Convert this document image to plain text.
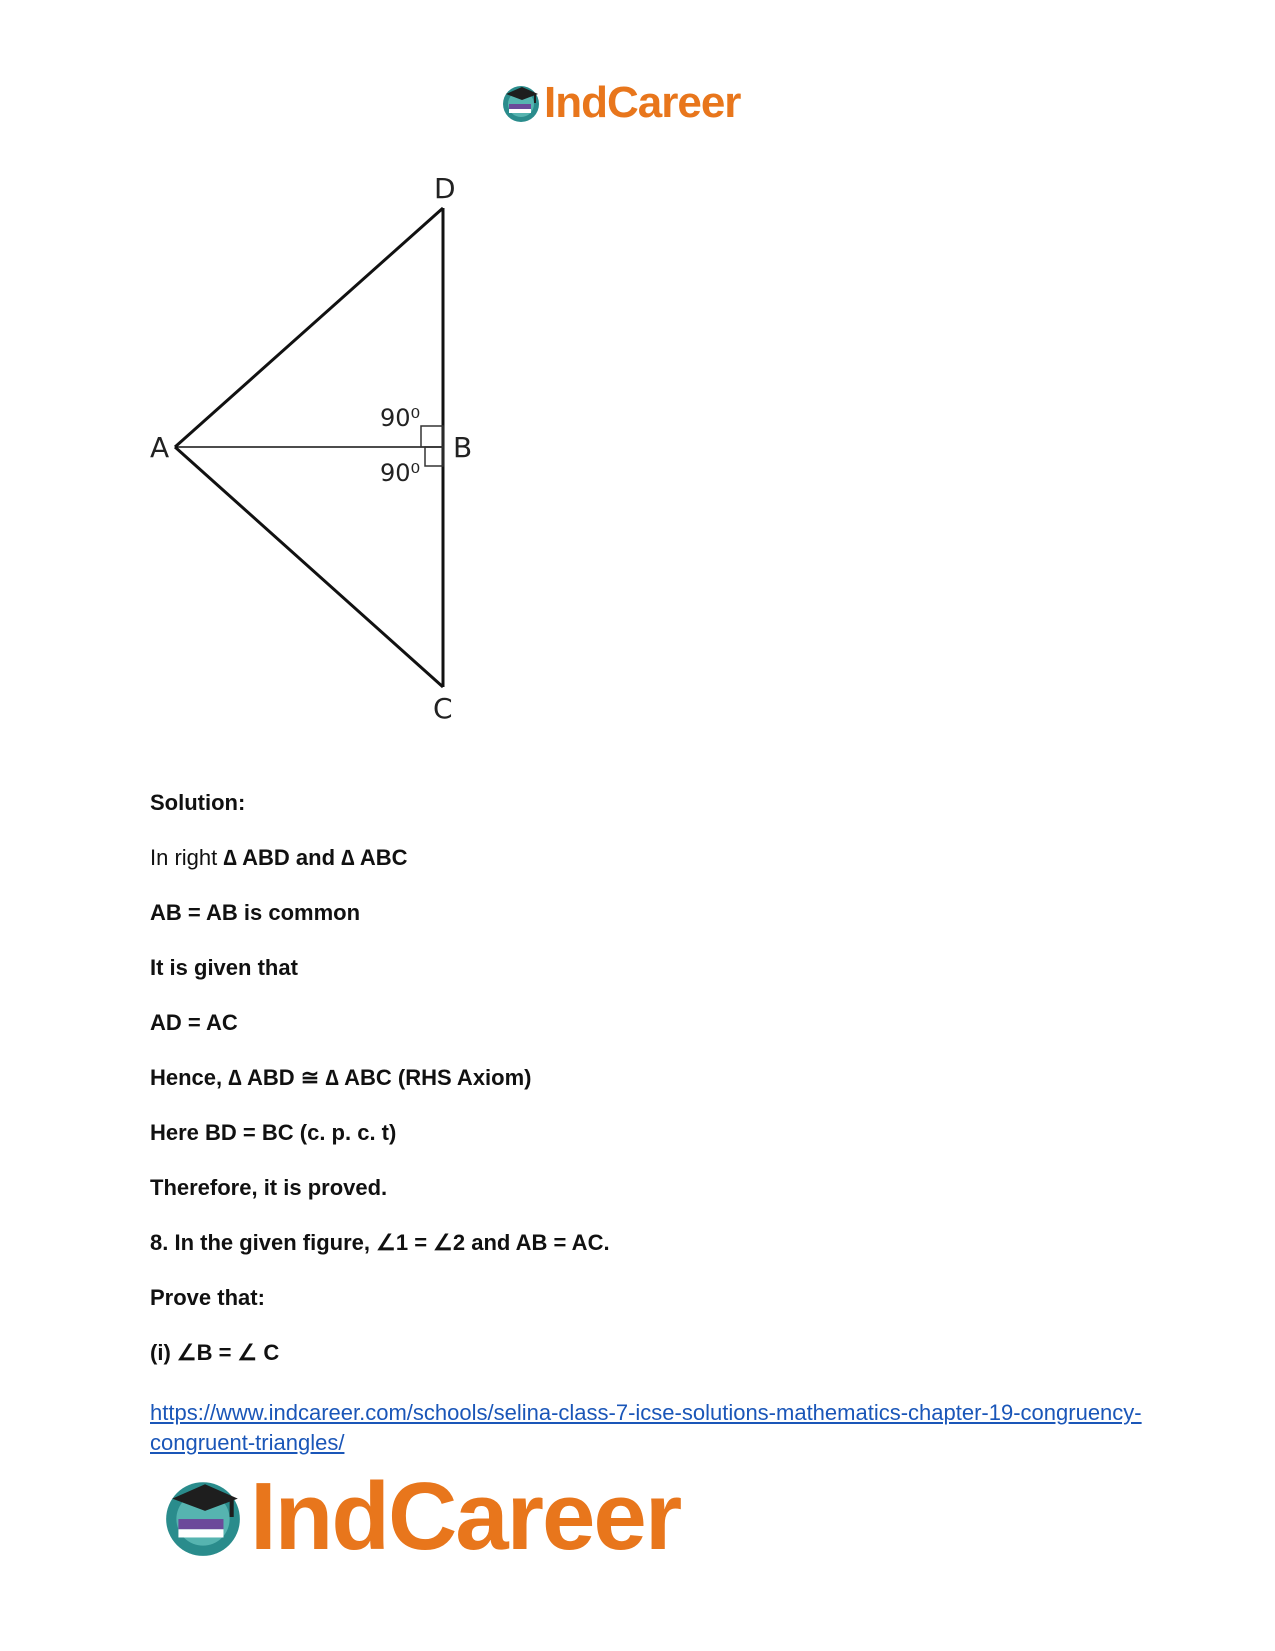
IndCareer
D
A	B
C
90⁰
90⁰
Solution:
In right ∆ ABD and ∆ ABC
AB = AB is common
It is given that
AD = AC
Hence, ∆ ABD ≅ ∆ ABC (RHS Axiom)
Here BD = BC (c. p. c. t)
Therefore, it is proved.
8. In the given figure, ∠1 = ∠2 and AB = AC.
Prove that:
(i) ∠B = ∠ C
https://www.indcareer.com/schools/selina-class-7-icse-solutions-mathematics-chapter-19-congruency-congruent-triangles/
IndCareer
